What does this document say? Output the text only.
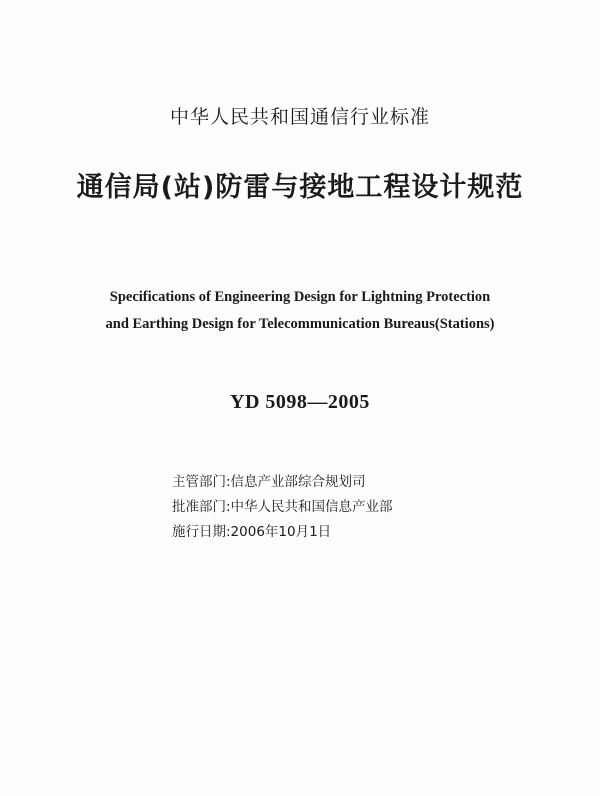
中华人民共和国通信行业标准
通信局(站)防雷与接地工程设计规范
Specifications of Engineering Design for Lightning Protection
and Earthing Design for Telecommunication Bureaus(Stations)
YD 5098—2005
主管部门:信息产业部综合规划司
批准部门:中华人民共和国信息产业部
施行日期:2006年10月1日
